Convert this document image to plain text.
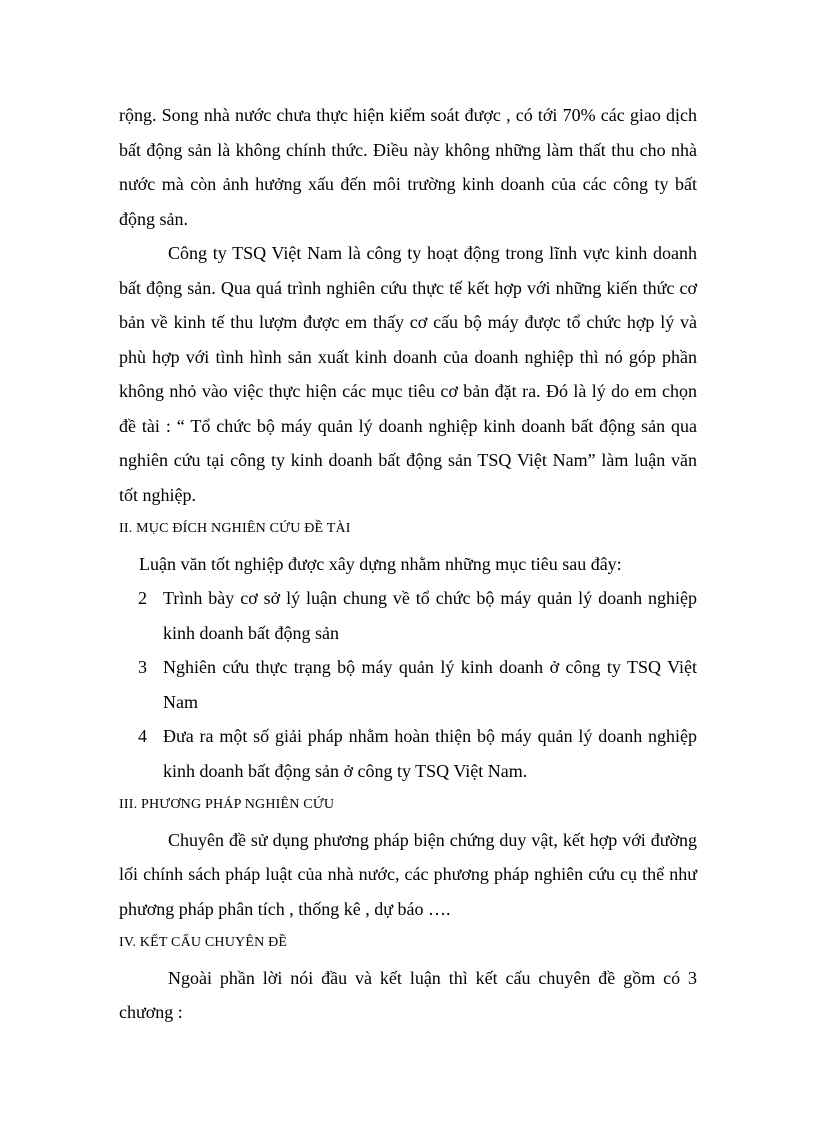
rộng. Song nhà nước chưa thực hiện kiểm soát được , có tới 70% các giao dịch bất động sản là không chính thức. Điều này không những làm thất thu cho nhà nước mà còn ảnh hưởng xấu đến môi trường kinh doanh của các công ty bất động sản.

Công ty TSQ Việt Nam là công ty hoạt động trong lĩnh vực kinh doanh bất động sản. Qua quá trình nghiên cứu thực tế kết hợp với những kiến thức cơ bản về kinh tế thu lượm được em thấy cơ cấu bộ máy được tổ chức hợp lý và phù hợp với tình hình sản xuất kinh doanh của doanh nghiệp thì nó góp phần không nhỏ vào việc thực hiện các mục tiêu cơ bản đặt ra. Đó là lý do em chọn đề tài : “ Tổ chức bộ máy quản lý doanh nghiệp kinh doanh bất động sản qua nghiên cứu tại công ty kinh doanh bất động sản TSQ Việt Nam” làm luận văn tốt nghiệp.

II. MỤC ĐÍCH NGHIÊN CỨU ĐỀ TÀI

Luận văn tốt nghiệp được xây dựng nhằm những mục tiêu sau đây:

2 Trình bày cơ sở lý luận chung về tổ chức bộ máy quản lý doanh nghiệp kinh doanh bất động sản
3 Nghiên cứu thực trạng bộ máy quản lý kinh doanh ở công ty TSQ Việt Nam
4 Đưa ra một số giải pháp nhằm hoàn thiện bộ máy quản lý doanh nghiệp kinh doanh bất động sản ở công ty TSQ Việt Nam.
III. PHƯƠNG PHÁP NGHIÊN CỨU

Chuyên đề sử dụng phương pháp biện chứng duy vật, kết hợp với đường lối chính sách pháp luật của nhà nước, các phương pháp nghiên cứu cụ thể như phương pháp phân tích , thống kê , dự báo ….

IV. KẾT CẤU CHUYÊN ĐỀ

Ngoài phần lời nói đầu và kết luận thì kết cấu chuyên đề gồm có 3 chương :
